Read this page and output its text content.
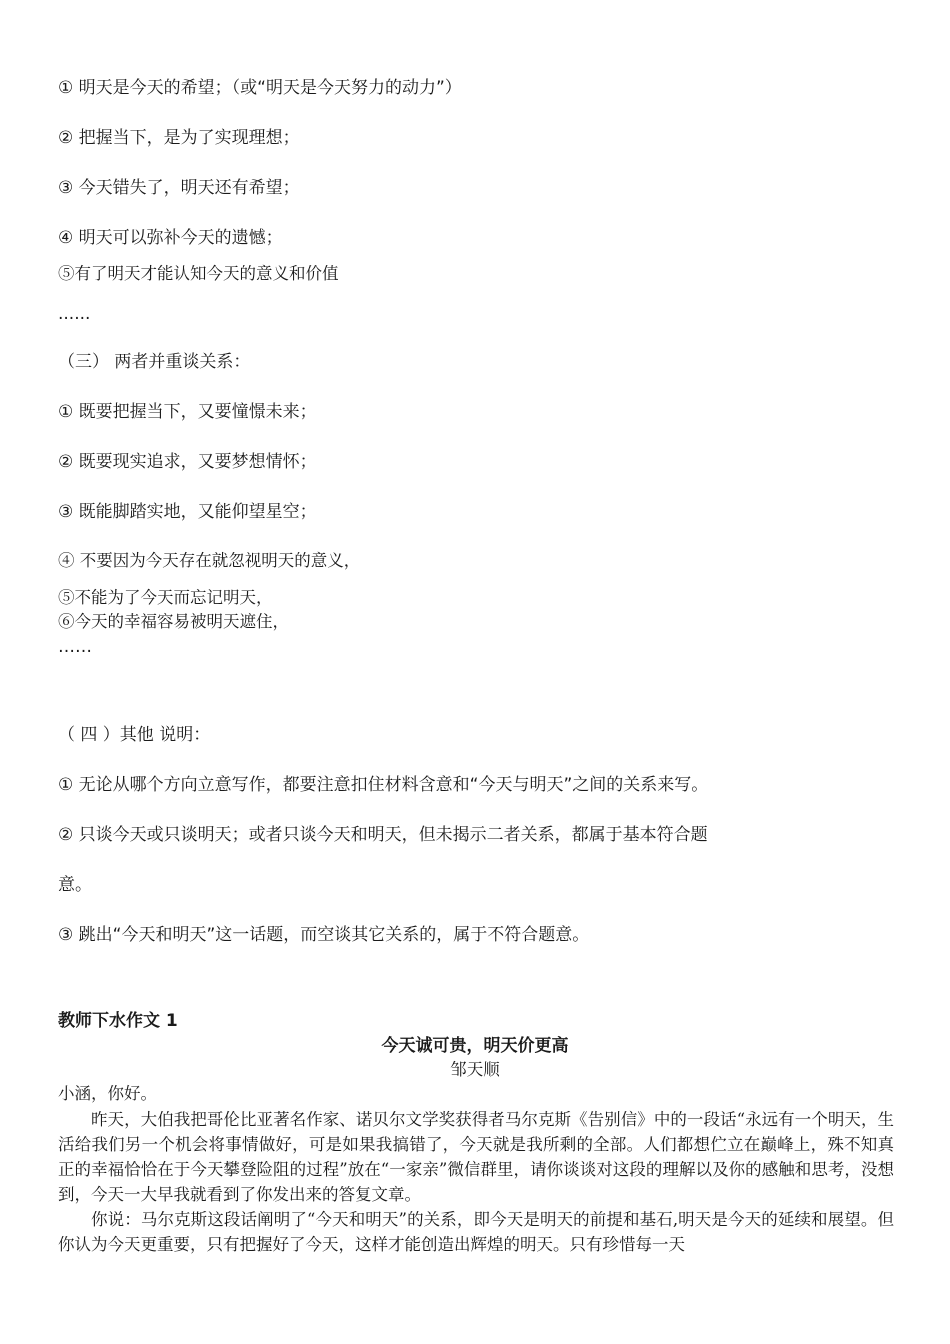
① 明天是今天的希望；（或“明天是今天努力的动力”）
② 把握当下，是为了实现理想；
③ 今天错失了，明天还有希望；
④ 明天可以弥补今天的遗憾；
⑤有了明天才能认知今天的意义和价值
......
（三） 两者并重谈关系：
① 既要把握当下，又要憧憬未来；
② 既要现实追求，又要梦想情怀；
③ 既能脚踏实地，又能仰望星空；
④ 不要因为今天存在就忽视明天的意义，
⑤不能为了今天而忘记明天，
⑥今天的幸福容易被明天遮住，
……
（ 四 ）其他 说明：
① 无论从哪个方向立意写作，都要注意扣住材料含意和“今天与明天”之间的关系来写。
② 只谈今天或只谈明天；或者只谈今天和明天，但未揭示二者关系，都属于基本符合题
意。
③ 跳出“今天和明天”这一话题，而空谈其它关系的，属于不符合题意。
教师下水作文 1
今天诚可贵，明天价更高
邹天顺
小涵，你好。
昨天，大伯我把哥伦比亚著名作家、诺贝尔文学奖获得者马尔克斯《告别信》中的一段话“永远有一个明天，生活给我们另一个机会将事情做好，可是如果我搞错了，今天就是我所剩的全部。人们都想伫立在巅峰上，殊不知真正的幸福恰恰在于今天攀登险阻的过程”放在“一家亲”微信群里，请你谈谈对这段的理解以及你的感触和思考，没想到，今天一大早我就看到了你发出来的答复文章。
你说：马尔克斯这段话阐明了“今天和明天”的关系，即今天是明天的前提和基石,明天是今天的延续和展望。但你认为今天更重要，只有把握好了今天，这样才能创造出辉煌的明天。只有珍惜每一天
